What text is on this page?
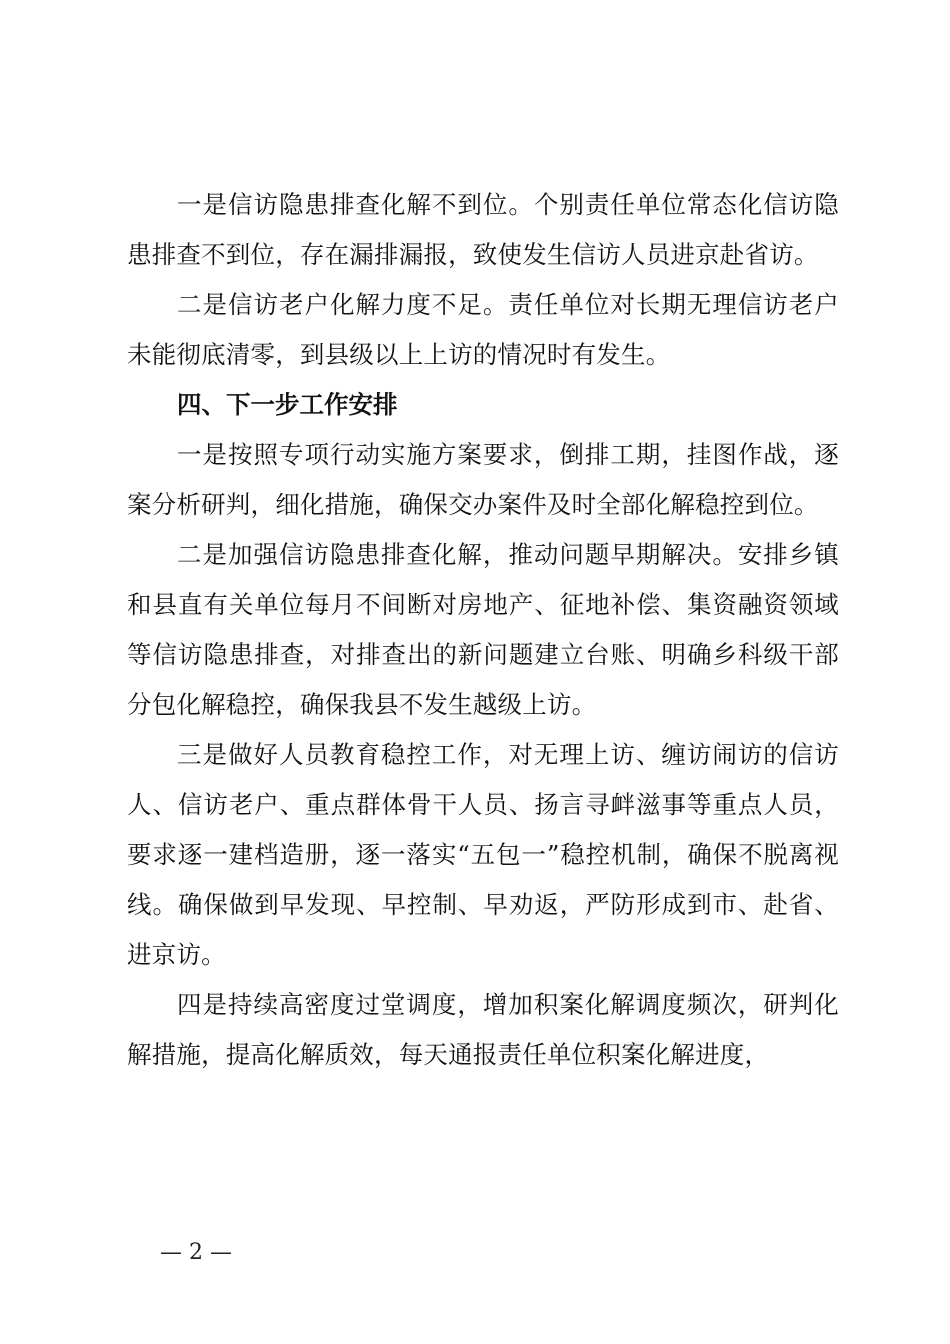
一是信访隐患排查化解不到位。个别责任单位常态化信访隐患排查不到位，存在漏排漏报，致使发生信访人员进京赴省访。

二是信访老户化解力度不足。责任单位对长期无理信访老户未能彻底清零，到县级以上上访的情况时有发生。

四、下一步工作安排

一是按照专项行动实施方案要求，倒排工期，挂图作战，逐案分析研判，细化措施，确保交办案件及时全部化解稳控到位。

二是加强信访隐患排查化解，推动问题早期解决。安排乡镇和县直有关单位每月不间断对房地产、征地补偿、集资融资领域等信访隐患排查，对排查出的新问题建立台账、明确乡科级干部分包化解稳控，确保我县不发生越级上访。

三是做好人员教育稳控工作，对无理上访、缠访闹访的信访人、信访老户、重点群体骨干人员、扬言寻衅滋事等重点人员，要求逐一建档造册，逐一落实“五包一”稳控机制，确保不脱离视线。确保做到早发现、早控制、早劝返，严防形成到市、赴省、进京访。

四是持续高密度过堂调度，增加积案化解调度频次，研判化解措施，提高化解质效，每天通报责任单位积案化解进度，

— 2 —
